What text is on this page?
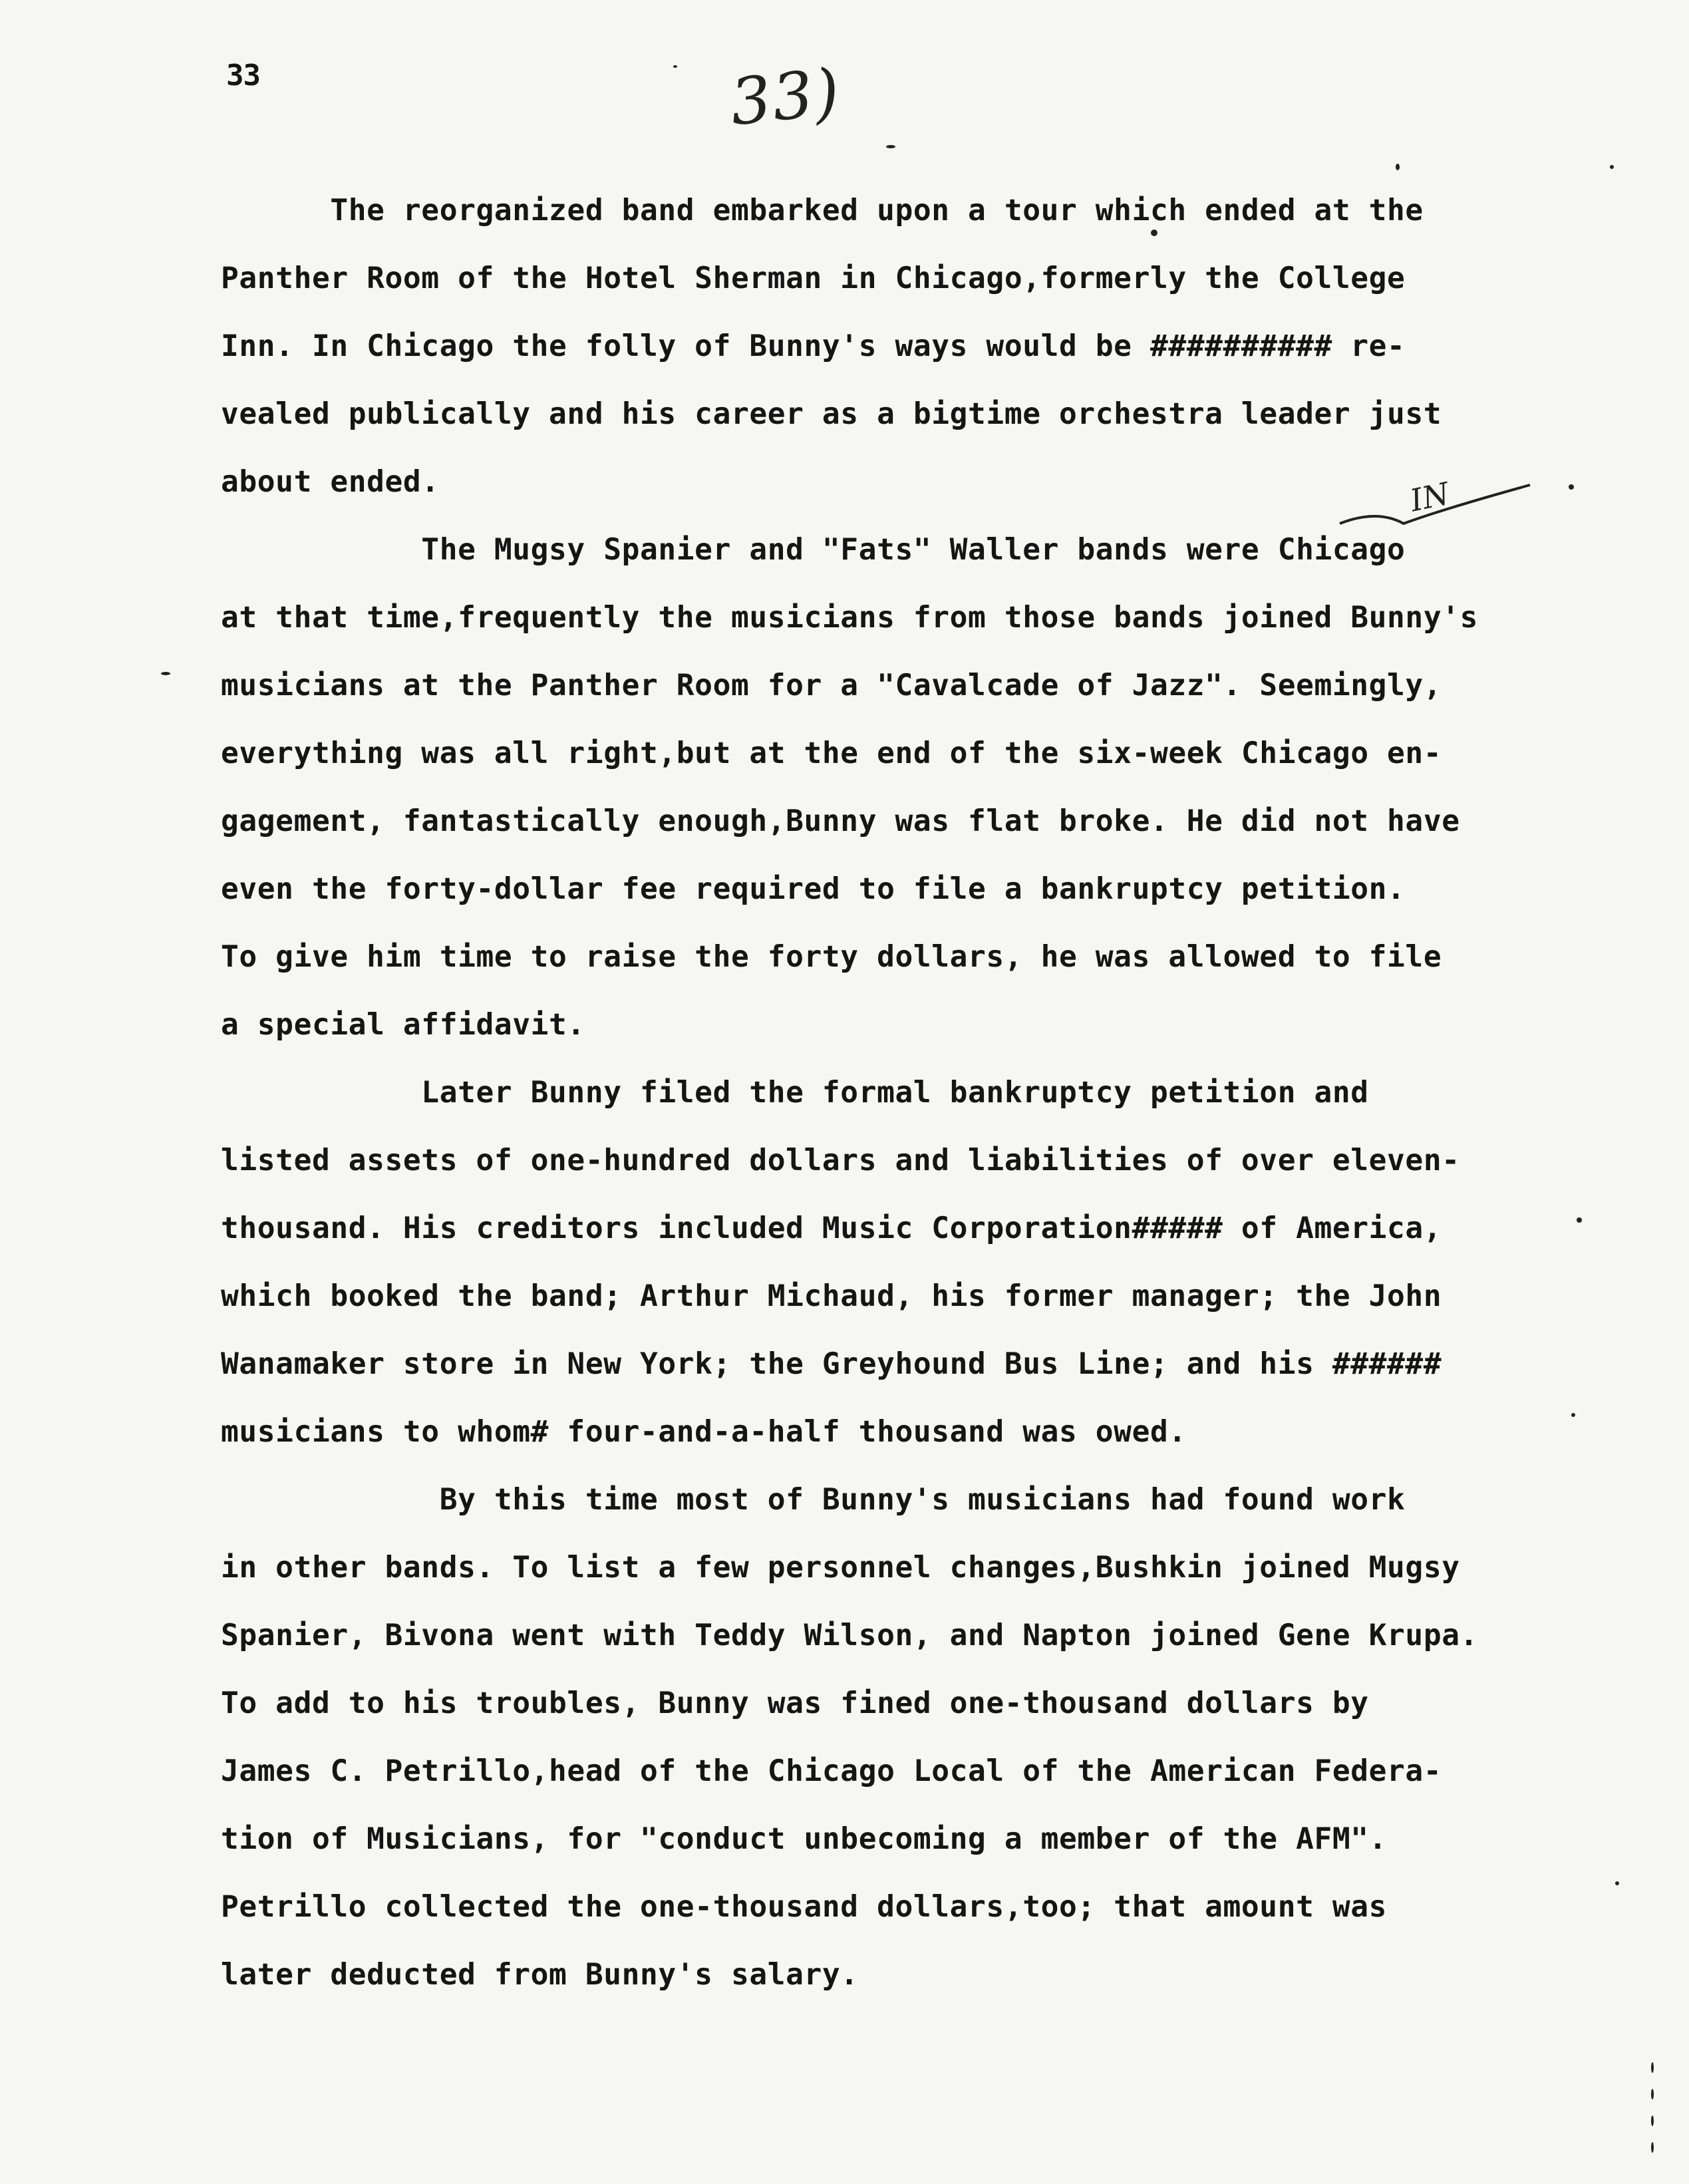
33	33)
IN
The reorganized band embarked upon a tour which ended at the
Panther Room of the Hotel Sherman in Chicago,formerly the College
Inn. In Chicago the folly of Bunny's ways would be ########## re-
vealed publically and his career as a bigtime orchestra leader just
about ended.
The Mugsy Spanier and "Fats" Waller bands were Chicago
at that time,frequently the musicians from those bands joined Bunny's
musicians at the Panther Room for a "Cavalcade of Jazz". Seemingly,
everything was all right,but at the end of the six-week Chicago en-
gagement, fantastically enough,Bunny was flat broke. He did not have
even the forty-dollar fee required to file a bankruptcy petition.
To give him time to raise the forty dollars, he was allowed to file
a special affidavit.
Later Bunny filed the formal bankruptcy petition and
listed assets of one-hundred dollars and liabilities of over eleven-
thousand. His creditors included Music Corporation##### of America,
which booked the band; Arthur Michaud, his former manager; the John
Wanamaker store in New York; the Greyhound Bus Line; and his ######
musicians to whom# four-and-a-half thousand was owed.
By this time most of Bunny's musicians had found work
in other bands. To list a few personnel changes,Bushkin joined Mugsy
Spanier, Bivona went with Teddy Wilson, and Napton joined Gene Krupa.
To add to his troubles, Bunny was fined one-thousand dollars by
James C. Petrillo,head of the Chicago Local of the American Federa-
tion of Musicians, for "conduct unbecoming a member of the AFM".
Petrillo collected the one-thousand dollars,too; that amount was
later deducted from Bunny's salary.
